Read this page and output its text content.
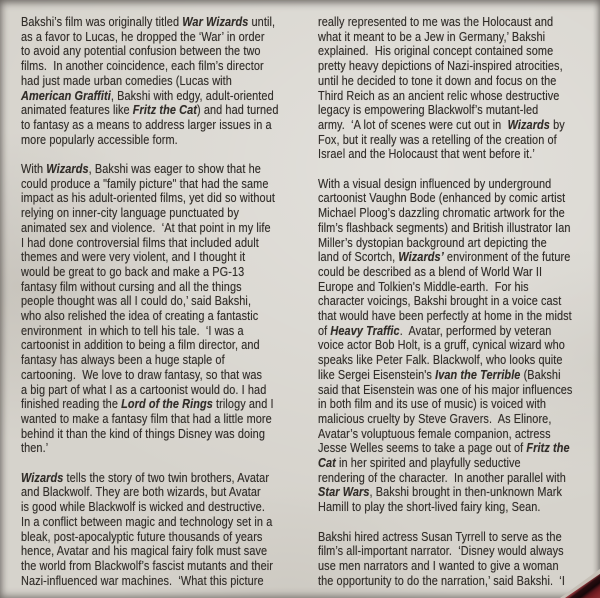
Bakshi’s film was originally titled War Wizards until,
as a favor to Lucas, he dropped the ‘War’ in order
to avoid any potential confusion between the two
films.  In another coincidence, each film’s director
had just made urban comedies (Lucas with
American Graffiti, Bakshi with edgy, adult-oriented
animated features like Fritz the Cat) and had turned
to fantasy as a means to address larger issues in a
more popularly accessible form.
With Wizards, Bakshi was eager to show that he
could produce a "family picture" that had the same
impact as his adult-oriented films, yet did so without
relying on inner-city language punctuated by
animated sex and violence.  ‘At that point in my life
I had done controversial films that included adult
themes and were very violent, and I thought it
would be great to go back and make a PG-13
fantasy film without cursing and all the things
people thought was all I could do,’ said Bakshi,
who also relished the idea of creating a fantastic
environment  in which to tell his tale.  ‘I was a
cartoonist in addition to being a film director, and
fantasy has always been a huge staple of
cartooning.  We love to draw fantasy, so that was
a big part of what I as a cartoonist would do. I had
finished reading the Lord of the Rings trilogy and I
wanted to make a fantasy film that had a little more
behind it than the kind of things Disney was doing
then.’
Wizards tells the story of two twin brothers, Avatar
and Blackwolf. They are both wizards, but Avatar
is good while Blackwolf is wicked and destructive.
In a conflict between magic and technology set in a
bleak, post-apocalyptic future thousands of years
hence, Avatar and his magical fairy folk must save
the world from Blackwolf’s fascist mutants and their
Nazi-influenced war machines.  ‘What this picture
really represented to me was the Holocaust and
what it meant to be a Jew in Germany,’ Bakshi
explained.  His original concept contained some
pretty heavy depictions of Nazi-inspired atrocities,
until he decided to tone it down and focus on the
Third Reich as an ancient relic whose destructive
legacy is empowering Blackwolf’s mutant-led
army.  ‘A lot of scenes were cut out in  Wizards by
Fox, but it really was a retelling of the creation of
Israel and the Holocaust that went before it.’
With a visual design influenced by underground
cartoonist Vaughn Bode (enhanced by comic artist
Michael Ploog’s dazzling chromatic artwork for the
film’s flashback segments) and British illustrator Ian
Miller’s dystopian background art depicting the
land of Scortch, Wizards’ environment of the future
could be described as a blend of World War II
Europe and Tolkien's Middle-earth.  For his
character voicings, Bakshi brought in a voice cast
that would have been perfectly at home in the midst
of Heavy Traffic.  Avatar, performed by veteran
voice actor Bob Holt, is a gruff, cynical wizard who
speaks like Peter Falk. Blackwolf, who looks quite
like Sergei Eisenstein's Ivan the Terrible (Bakshi
said that Eisenstein was one of his major influences
in both film and its use of music) is voiced with
malicious cruelty by Steve Gravers.  As Elinore,
Avatar’s voluptuous female companion, actress
Jesse Welles seems to take a page out of Fritz the
Cat in her spirited and playfully seductive
rendering of the character.  In another parallel with
Star Wars, Bakshi brought in then-unknown Mark
Hamill to play the short-lived fairy king, Sean.
Bakshi hired actress Susan Tyrrell to serve as the
film’s all-important narrator.  ‘Disney would always
use men narrators and I wanted to give a woman
the opportunity to do the narration,’ said Bakshi.  ‘I
